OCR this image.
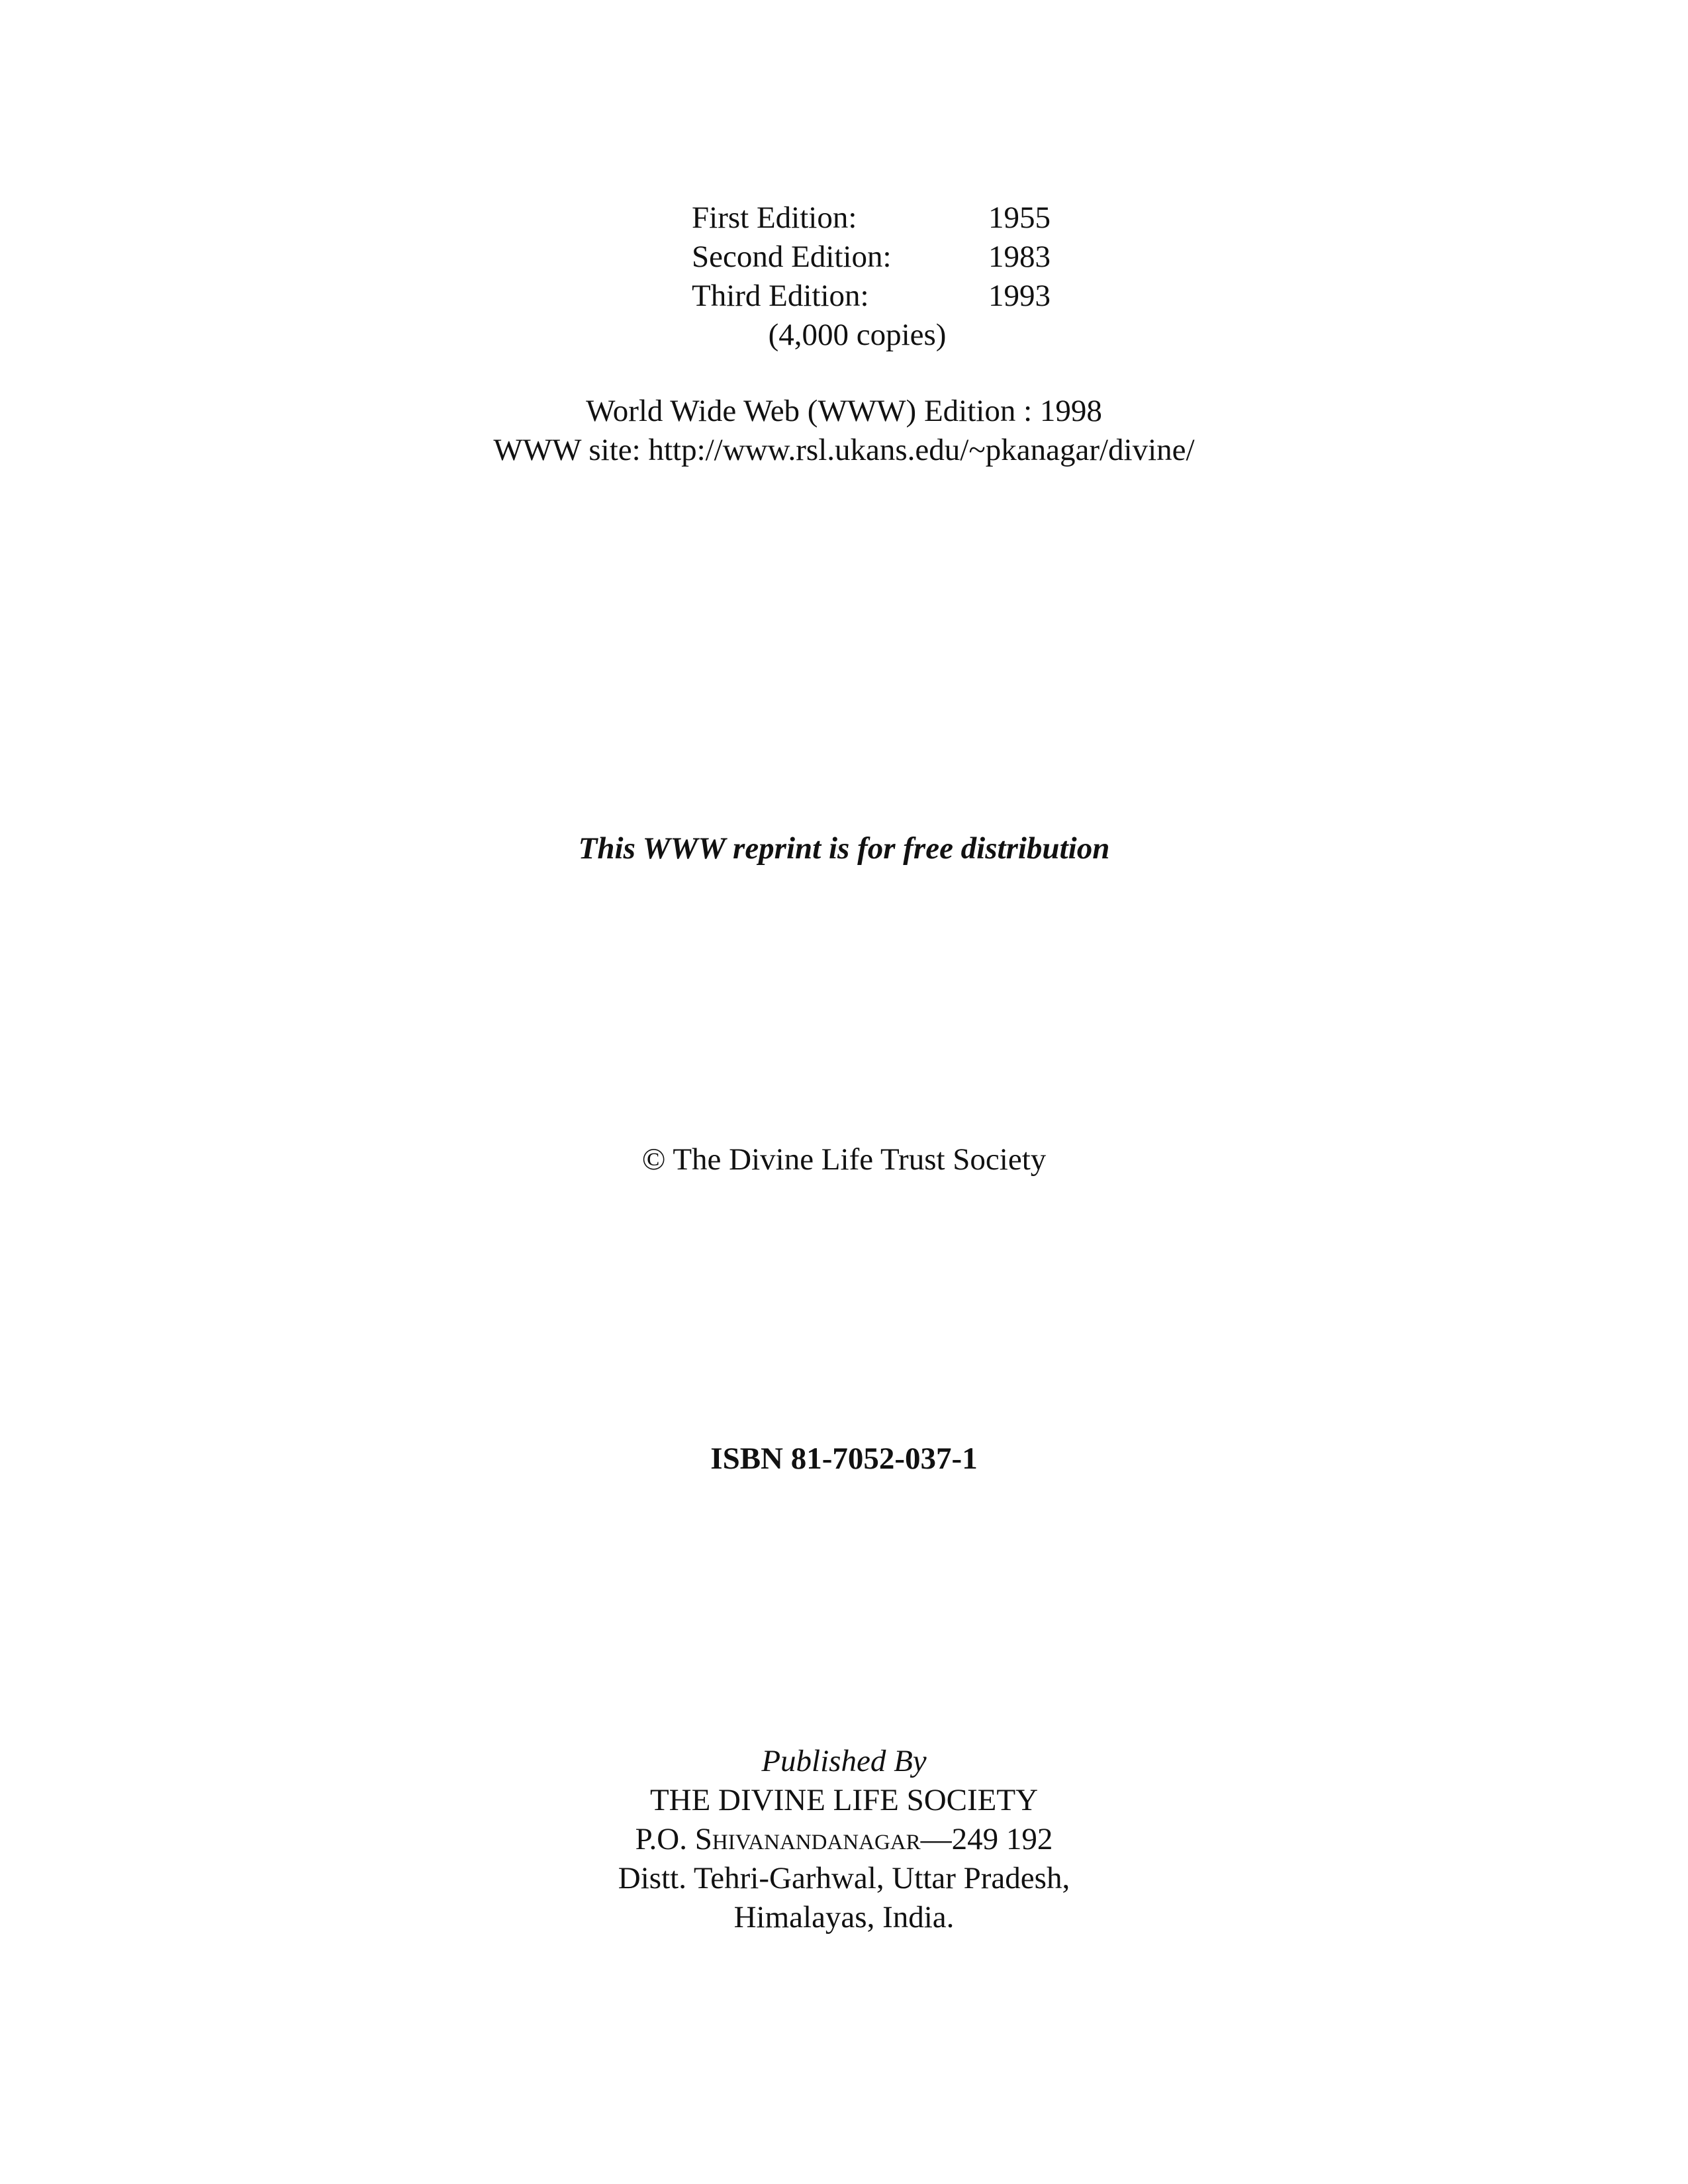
First Edition:	1955
Second Edition:	1983
Third Edition:	1993
(4,000 copies)
World Wide Web (WWW) Edition : 1998
WWW site: http://www.rsl.ukans.edu/~pkanagar/divine/
This WWW reprint is for free distribution
© The Divine Life Trust Society
ISBN 81-7052-037-1
Published By
THE DIVINE LIFE SOCIETY
P.O. Shivanandanagar—249 192
Distt. Tehri-Garhwal, Uttar Pradesh,
Himalayas, India.
